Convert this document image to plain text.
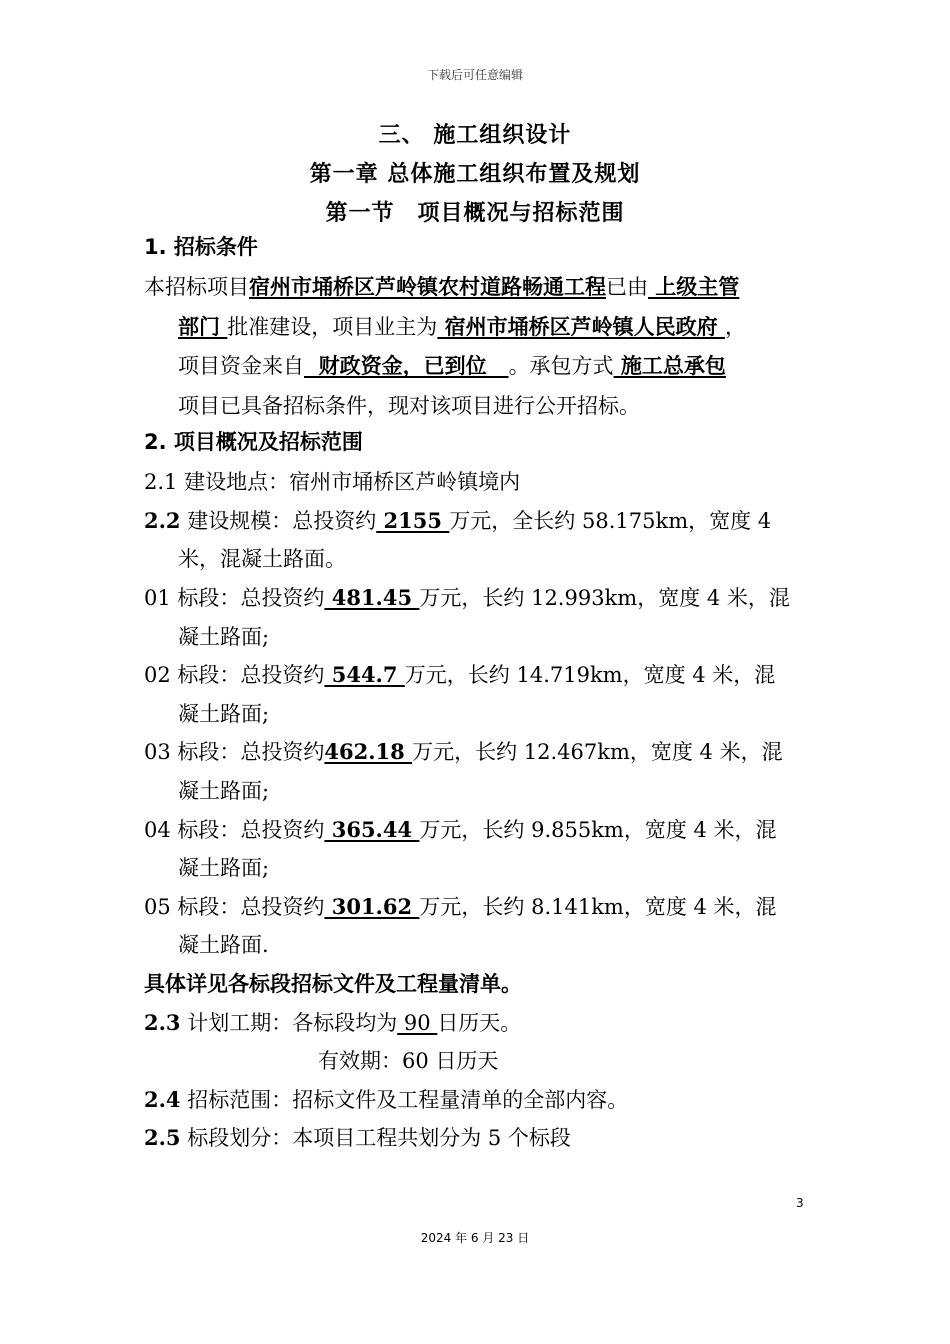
下载后可任意编辑
三、 施工组织设计
第一章 总体施工组织布置及规划
第一节　项目概况与招标范围
1. 招标条件
本招标项目宿州市埇桥区芦岭镇农村道路畅通工程已由 上级主管
部门 批准建设，项目业主为 宿州市埇桥区芦岭镇人民政府 ，
项目资金来自  财政资金，已到位   。承包方式 施工总承包
项目已具备招标条件，现对该项目进行公开招标。
2. 项目概况及招标范围
2.1 建设地点：宿州市埇桥区芦岭镇境内
2.2 建设规模：总投资约 2155 万元，全长约 58.175km，宽度 4
米，混凝土路面。
01 标段：总投资约 481.45 万元，长约 12.993km，宽度 4 米，混
凝土路面;
02 标段：总投资约 544.7 万元，长约 14.719km，宽度 4 米，混
凝土路面;
03 标段：总投资约462.18 万元，长约 12.467km，宽度 4 米，混
凝土路面;
04 标段：总投资约 365.44 万元，长约 9.855km，宽度 4 米，混
凝土路面;
05 标段：总投资约 301.62 万元，长约 8.141km，宽度 4 米，混
凝土路面.
具体详见各标段招标文件及工程量清单。
2.3 计划工期：各标段均为 90 日历天。
有效期：60 日历天
2.4 招标范围：招标文件及工程量清单的全部内容。
2.5 标段划分：本项目工程共划分为 5 个标段
3
2024 年 6 月 23 日
